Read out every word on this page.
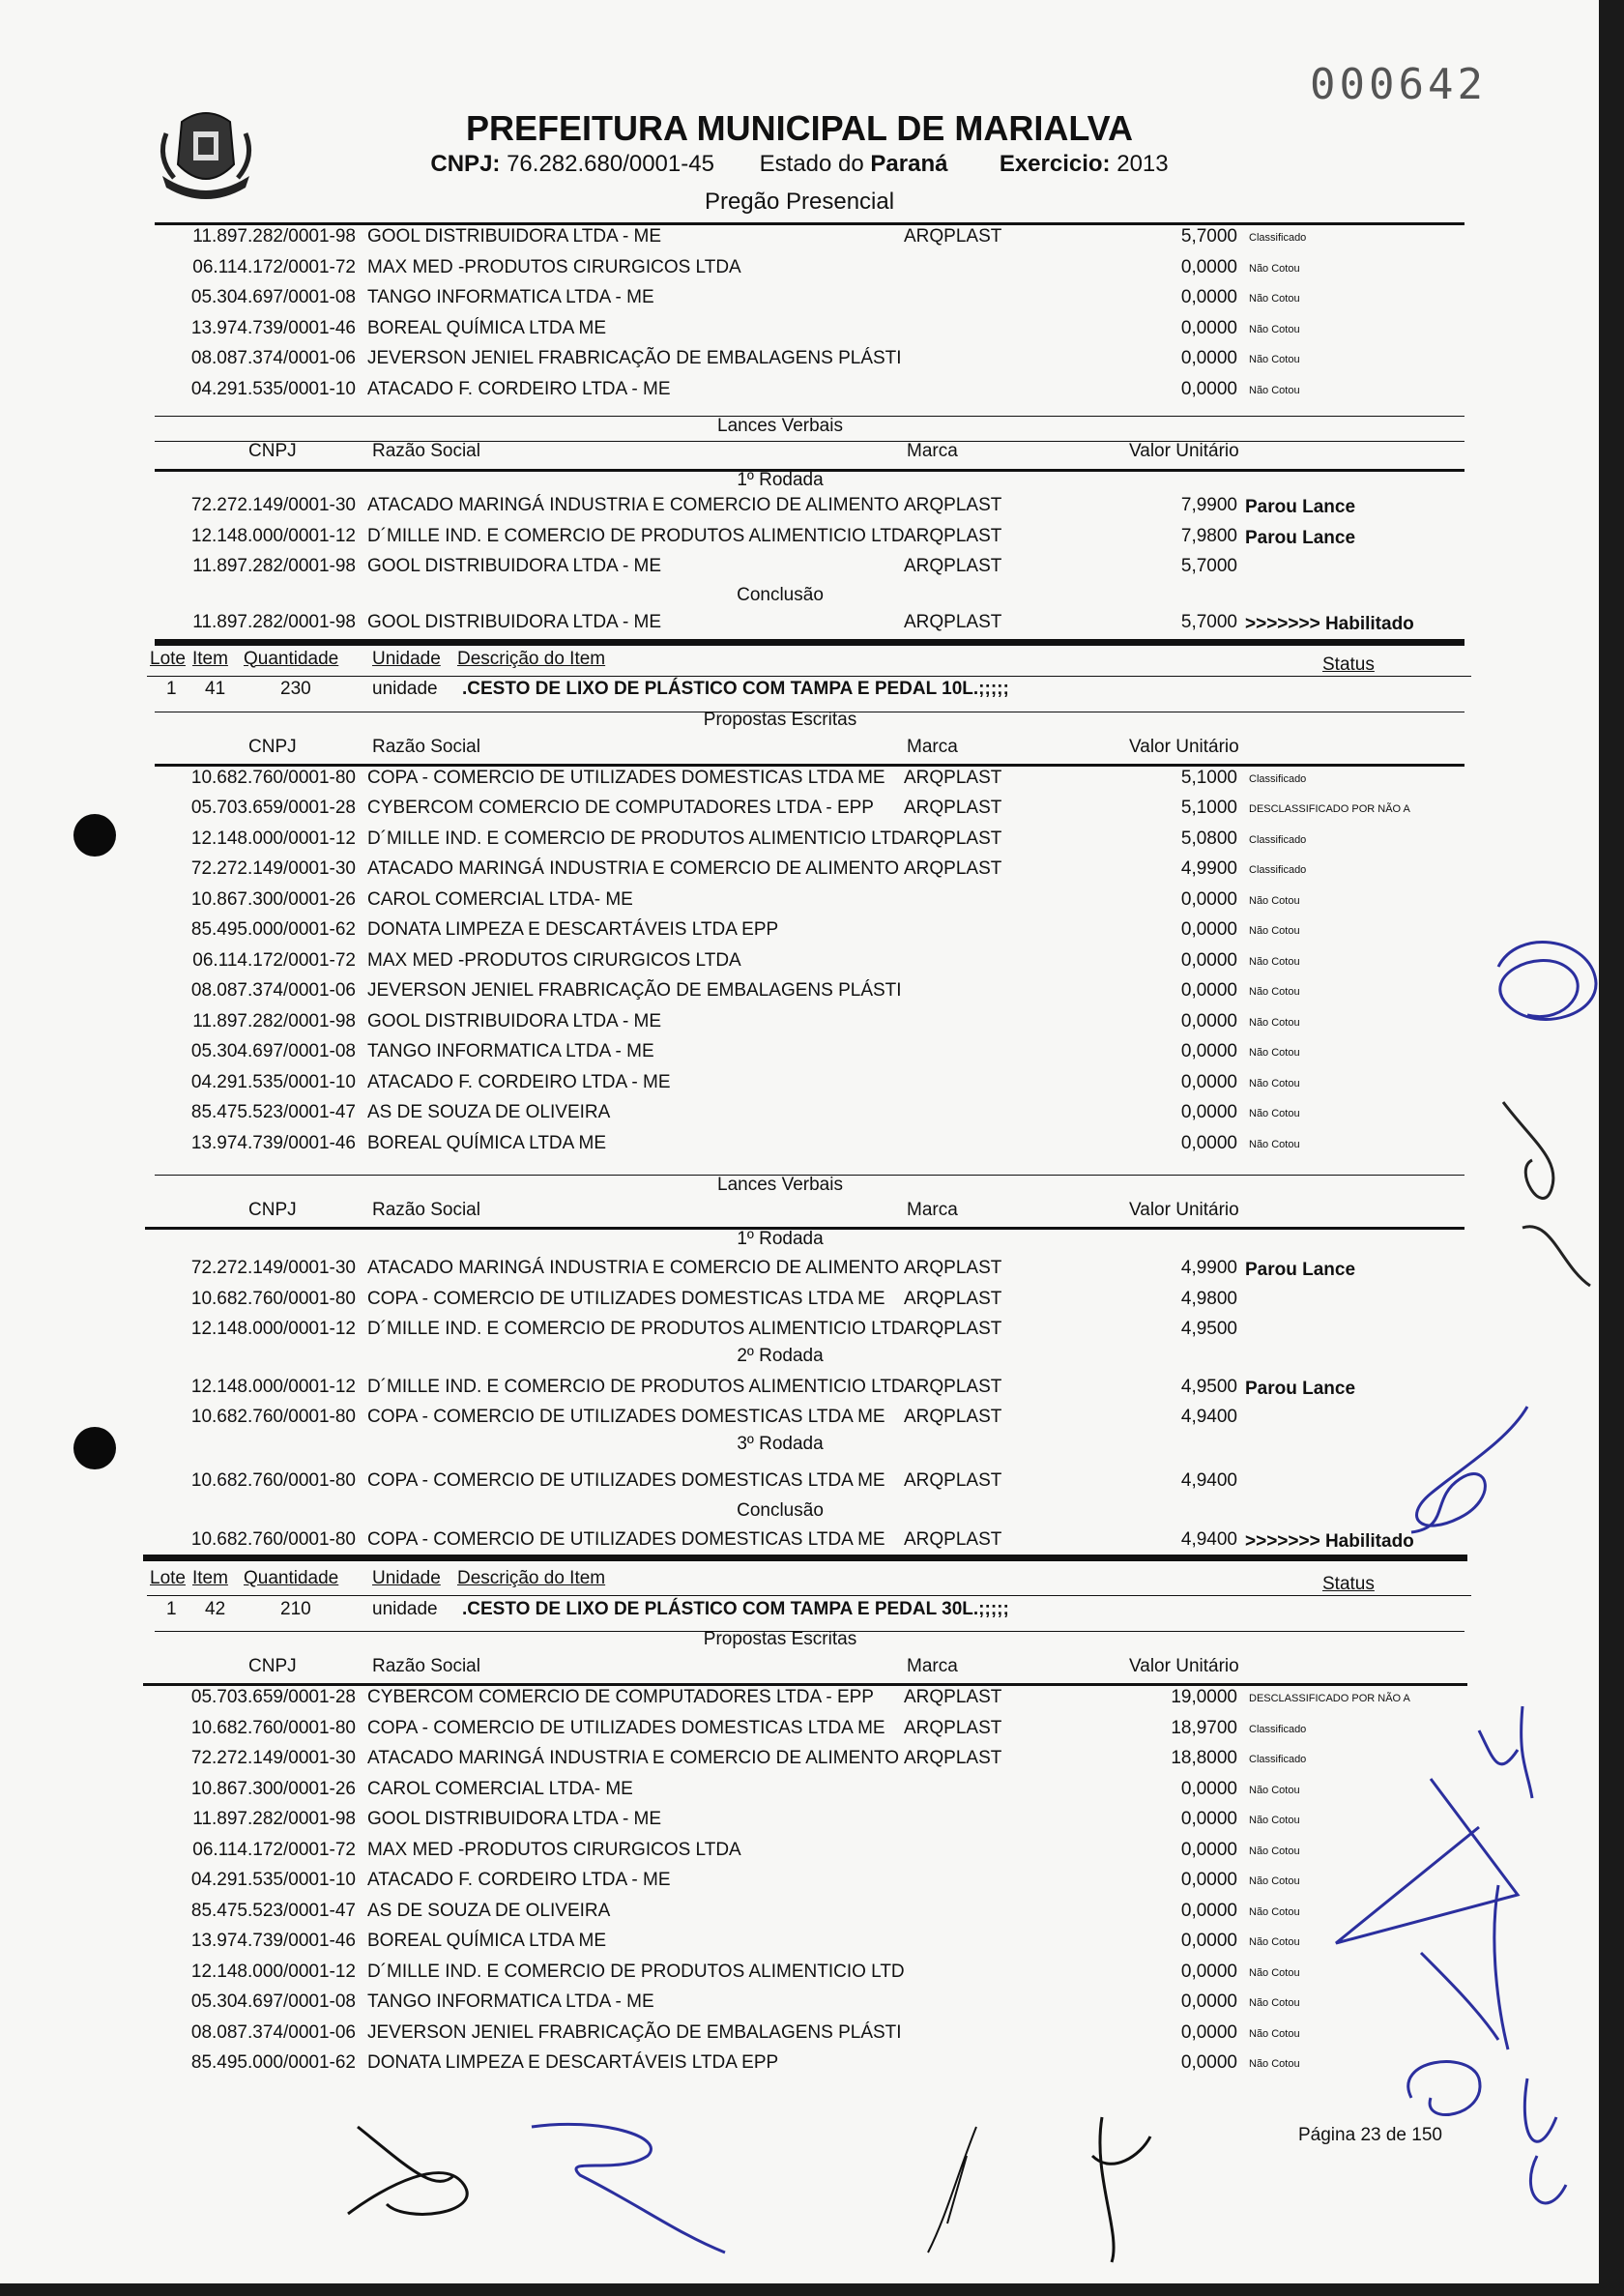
000642
PREFEITURA MUNICIPAL DE MARIALVA
CNPJ: 76.282.680/0001-45 Estado do Paraná Exercicio: 2013
Pregão Presencial
11.897.282/0001-98 GOOL DISTRIBUIDORA LTDA - ME	ARQPLAST	5,7000 Classificado
06.114.172/0001-72 MAX MED -PRODUTOS CIRURGICOS LTDA	0,0000 Não Cotou
05.304.697/0001-08 TANGO INFORMATICA LTDA - ME	0,0000 Não Cotou
13.974.739/0001-46 BOREAL QUÍMICA LTDA ME	0,0000 Não Cotou
08.087.374/0001-06 JEVERSON JENIEL FRABRICAÇÃO DE EMBALAGENS PLÁSTI	0,0000 Não Cotou
04.291.535/0001-10 ATACADO F. CORDEIRO LTDA - ME	0,0000 Não Cotou
Lances Verbais
CNPJ	Razão Social	Marca	Valor Unitário
1º Rodada
72.272.149/0001-30 ATACADO MARINGÁ INDUSTRIA E COMERCIO DE ALIMENTO ARQPLAST	7,9900 Parou Lance
12.148.000/0001-12 D´MILLE IND. E COMERCIO DE PRODUTOS ALIMENTICIO LTD ARQPLAST	7,9800 Parou Lance
11.897.282/0001-98 GOOL DISTRIBUIDORA LTDA - ME	ARQPLAST	5,7000
Conclusão
11.897.282/0001-98 GOOL DISTRIBUIDORA LTDA - ME	ARQPLAST	5,7000 >>>>>>> Habilitado
Lote Item Quantidade Unidade Descrição do Item	Status
1 41	230	unidade .CESTO DE LIXO DE PLÁSTICO COM TAMPA E PEDAL 10L.;;;;;
Propostas Escritas
CNPJ	Razão Social	Marca	Valor Unitário
10.682.760/0001-80 COPA - COMERCIO DE UTILIZADES DOMESTICAS LTDA ME ARQPLAST	5,1000 Classificado
05.703.659/0001-28 CYBERCOM COMERCIO DE COMPUTADORES LTDA - EPP ARQPLAST	5,1000 DESCLASSIFICADO POR NÃO A
12.148.000/0001-12 D´MILLE IND. E COMERCIO DE PRODUTOS ALIMENTICIO LTD ARQPLAST	5,0800 Classificado
72.272.149/0001-30 ATACADO MARINGÁ INDUSTRIA E COMERCIO DE ALIMENTO ARQPLAST	4,9900 Classificado
10.867.300/0001-26 CAROL COMERCIAL LTDA- ME	0,0000 Não Cotou
85.495.000/0001-62 DONATA LIMPEZA E DESCARTÁVEIS LTDA EPP	0,0000 Não Cotou
06.114.172/0001-72 MAX MED -PRODUTOS CIRURGICOS LTDA	0,0000 Não Cotou
08.087.374/0001-06 JEVERSON JENIEL FRABRICAÇÃO DE EMBALAGENS PLÁSTI	0,0000 Não Cotou
11.897.282/0001-98 GOOL DISTRIBUIDORA LTDA - ME	0,0000 Não Cotou
05.304.697/0001-08 TANGO INFORMATICA LTDA - ME	0,0000 Não Cotou
04.291.535/0001-10 ATACADO F. CORDEIRO LTDA - ME	0,0000 Não Cotou
85.475.523/0001-47 AS DE SOUZA DE OLIVEIRA	0,0000 Não Cotou
13.974.739/0001-46 BOREAL QUÍMICA LTDA ME	0,0000 Não Cotou
Lances Verbais
CNPJ	Razão Social	Marca	Valor Unitário
1º Rodada
72.272.149/0001-30 ATACADO MARINGÁ INDUSTRIA E COMERCIO DE ALIMENTO ARQPLAST	4,9900 Parou Lance
10.682.760/0001-80 COPA - COMERCIO DE UTILIZADES DOMESTICAS LTDA ME ARQPLAST	4,9800
12.148.000/0001-12 D´MILLE IND. E COMERCIO DE PRODUTOS ALIMENTICIO LTD ARQPLAST	4,9500
2º Rodada
12.148.000/0001-12 D´MILLE IND. E COMERCIO DE PRODUTOS ALIMENTICIO LTD ARQPLAST	4,9500 Parou Lance
10.682.760/0001-80 COPA - COMERCIO DE UTILIZADES DOMESTICAS LTDA ME ARQPLAST	4,9400
3º Rodada
10.682.760/0001-80 COPA - COMERCIO DE UTILIZADES DOMESTICAS LTDA ME ARQPLAST	4,9400
Conclusão
10.682.760/0001-80 COPA - COMERCIO DE UTILIZADES DOMESTICAS LTDA ME ARQPLAST	4,9400 >>>>>>> Habilitado
Lote Item Quantidade Unidade Descrição do Item	Status
1 42	210	unidade .CESTO DE LIXO DE PLÁSTICO COM TAMPA E PEDAL 30L.;;;;;
Propostas Escritas
CNPJ	Razão Social	Marca	Valor Unitário
05.703.659/0001-28 CYBERCOM COMERCIO DE COMPUTADORES LTDA - EPP ARQPLAST	19,0000 DESCLASSIFICADO POR NÃO A
10.682.760/0001-80 COPA - COMERCIO DE UTILIZADES DOMESTICAS LTDA ME ARQPLAST	18,9700 Classificado
72.272.149/0001-30 ATACADO MARINGÁ INDUSTRIA E COMERCIO DE ALIMENTO ARQPLAST	18,8000 Classificado
10.867.300/0001-26 CAROL COMERCIAL LTDA- ME	0,0000 Não Cotou
11.897.282/0001-98 GOOL DISTRIBUIDORA LTDA - ME	0,0000 Não Cotou
06.114.172/0001-72 MAX MED -PRODUTOS CIRURGICOS LTDA	0,0000 Não Cotou
04.291.535/0001-10 ATACADO F. CORDEIRO LTDA - ME	0,0000 Não Cotou
85.475.523/0001-47 AS DE SOUZA DE OLIVEIRA	0,0000 Não Cotou
13.974.739/0001-46 BOREAL QUÍMICA LTDA ME	0,0000 Não Cotou
12.148.000/0001-12 D´MILLE IND. E COMERCIO DE PRODUTOS ALIMENTICIO LTD	0,0000 Não Cotou
05.304.697/0001-08 TANGO INFORMATICA LTDA - ME	0,0000 Não Cotou
08.087.374/0001-06 JEVERSON JENIEL FRABRICAÇÃO DE EMBALAGENS PLÁSTI	0,0000 Não Cotou
85.495.000/0001-62 DONATA LIMPEZA E DESCARTÁVEIS LTDA EPP	0,0000 Não Cotou
Página 23 de 150
